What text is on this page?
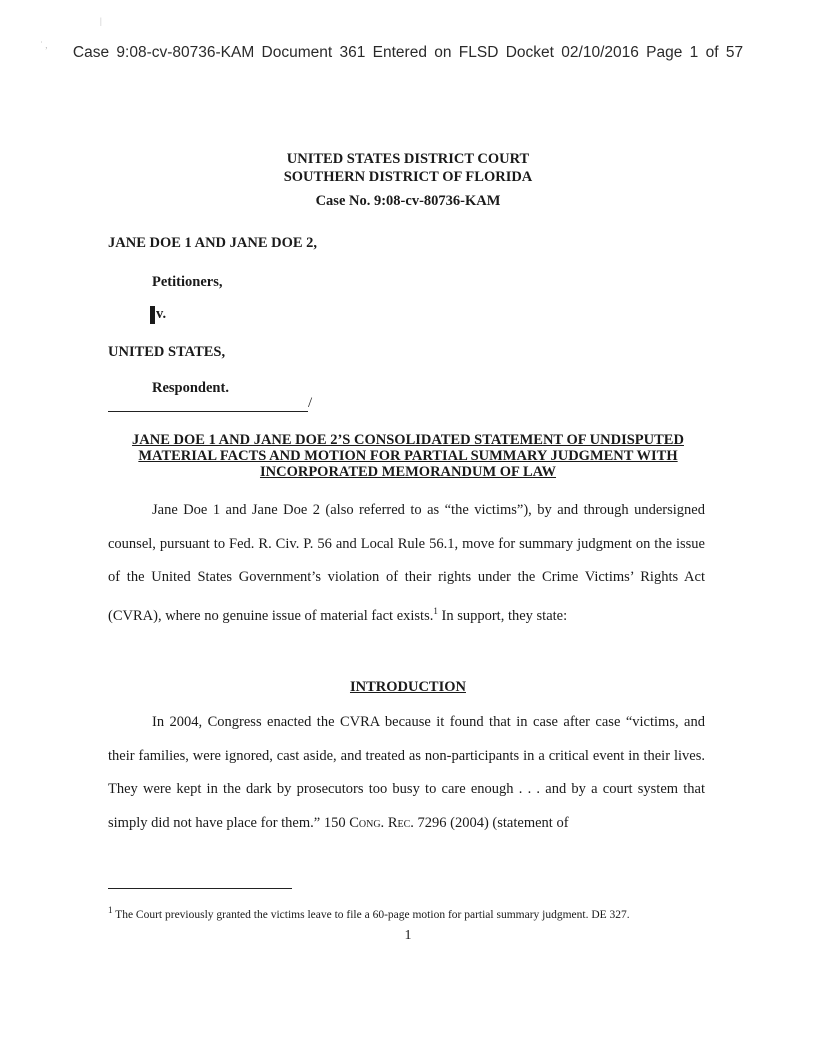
˙ ,
|
Case 9:08-cv-80736-KAM Document 361 Entered on FLSD Docket 02/10/2016 Page 1 of 57
UNITED STATES DISTRICT COURT
SOUTHERN DISTRICT OF FLORIDA
Case No. 9:08-cv-80736-KAM
JANE DOE 1 AND JANE DOE 2,
Petitioners,
v.
UNITED STATES,
Respondent.
/
JANE DOE 1 AND JANE DOE 2’S CONSOLIDATED STATEMENT OF UNDISPUTED
MATERIAL FACTS AND MOTION FOR PARTIAL SUMMARY JUDGMENT WITH
INCORPORATED MEMORANDUM OF LAW

Jane Doe 1 and Jane Doe 2 (also referred to as “the victims”), by and through undersigned counsel, pursuant to Fed. R. Civ. P. 56 and Local Rule 56.1, move for summary judgment on the issue of the United States Government’s violation of their rights under the Crime Victims’ Rights Act (CVRA), where no genuine issue of material fact exists.$^1$ In support, they state:

INTRODUCTION

In 2004, Congress enacted the CVRA because it found that in case after case “victims, and their families, were ignored, cast aside, and treated as non-participants in a critical event in their lives. They were kept in the dark by prosecutors too busy to care enough . . . and by a court system that simply did not have place for them.” 150 Cong. Rec. 7296 (2004) (statement of

$^1$ The Court previously granted the victims leave to file a 60-page motion for partial summary judgment. DE 327.
1
